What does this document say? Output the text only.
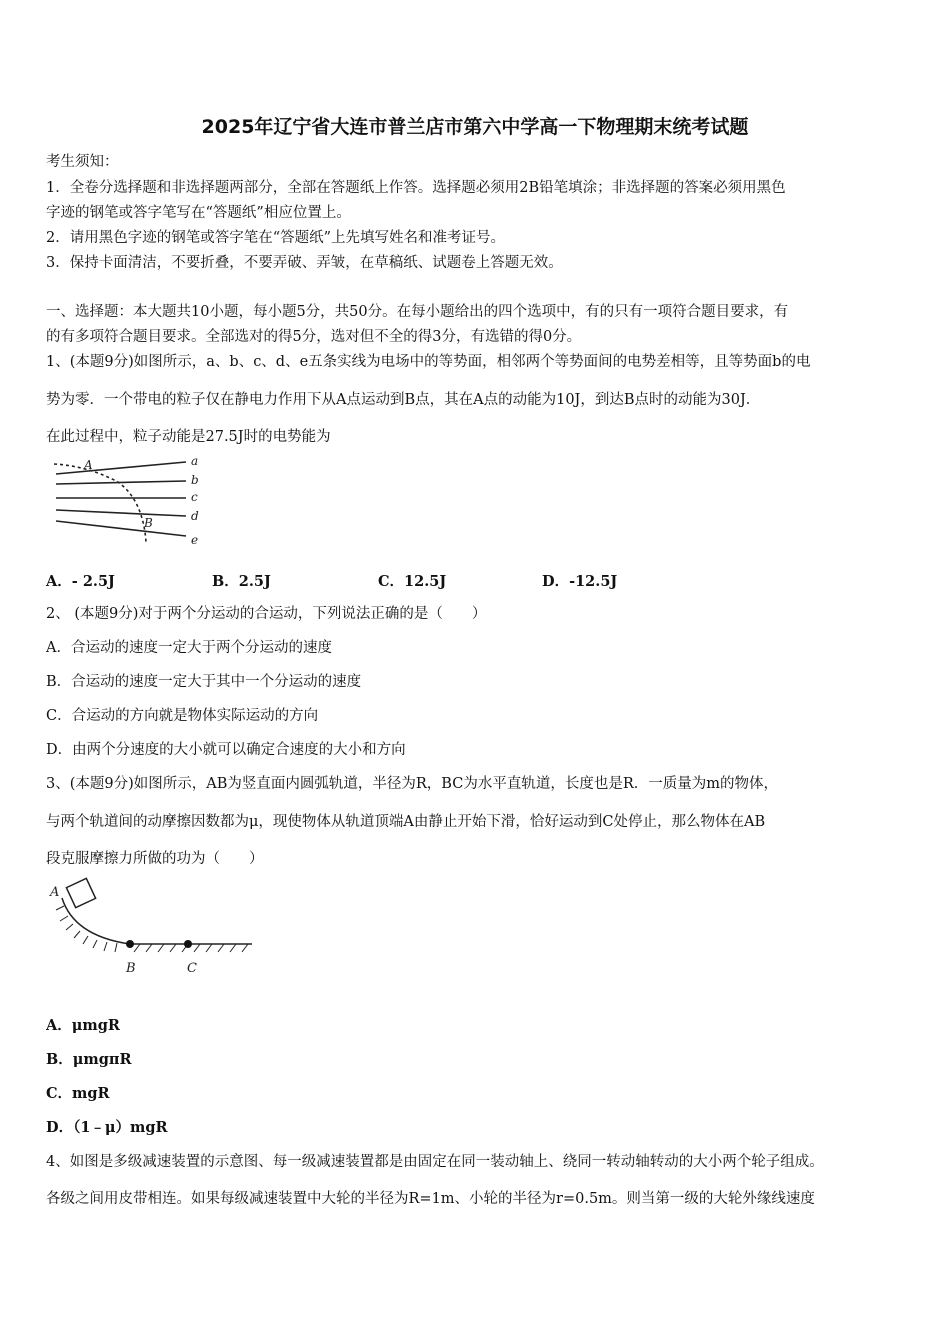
2025年辽宁省大连市普兰店市第六中学高一下物理期末统考试题
考生须知：
1．全卷分选择题和非选择题两部分，全部在答题纸上作答。选择题必须用2B铅笔填涂；非选择题的答案必须用黑色
字迹的钢笔或答字笔写在“答题纸”相应位置上。
2．请用黑色字迹的钢笔或答字笔在“答题纸”上先填写姓名和准考证号。
3．保持卡面清洁，不要折叠，不要弄破、弄皱，在草稿纸、试题卷上答题无效。
一、选择题：本大题共10小题，每小题5分，共50分。在每小题给出的四个选项中，有的只有一项符合题目要求，有
的有多项符合题目要求。全部选对的得5分，选对但不全的得3分，有选错的得0分。
1、(本题9分)如图所示，a、b、c、d、e五条实线为电场中的等势面，相邻两个等势面间的电势差相等，且等势面b的电
势为零．一个带电的粒子仅在静电力作用下从A点运动到B点，其在A点的动能为10J，到达B点时的动能为30J．
在此过程中，粒子动能是27.5J时的电势能为
A
B
a
b
c
d
e
A．- 2.5J	B．2.5J	C．12.5J	D．-12.5J
2、 (本题9分)对于两个分运动的合运动，下列说法正确的是（　　）
A．合运动的速度一定大于两个分运动的速度
B．合运动的速度一定大于其中一个分运动的速度
C．合运动的方向就是物体实际运动的方向
D．由两个分速度的大小就可以确定合速度的大小和方向
3、(本题9分)如图所示，AB为竖直面内圆弧轨道，半径为R，BC为水平直轨道，长度也是R．一质量为m的物体，
与两个轨道间的动摩擦因数都为μ，现使物体从轨道顶端A由静止开始下滑，恰好运动到C处停止，那么物体在AB
段克服摩擦力所做的功为（　　）
A
B	C
A．μmgR
B．μmgπR
C．mgR
D．（1﹣μ）mgR
4、如图是多级减速装置的示意图、每一级减速装置都是由固定在同一装动轴上、绕同一转动轴转动的大小两个轮子组成。
各级之间用皮带相连。如果每级减速装置中大轮的半径为R=1m、小轮的半径为r=0.5m。则当第一级的大轮外缘线速度
